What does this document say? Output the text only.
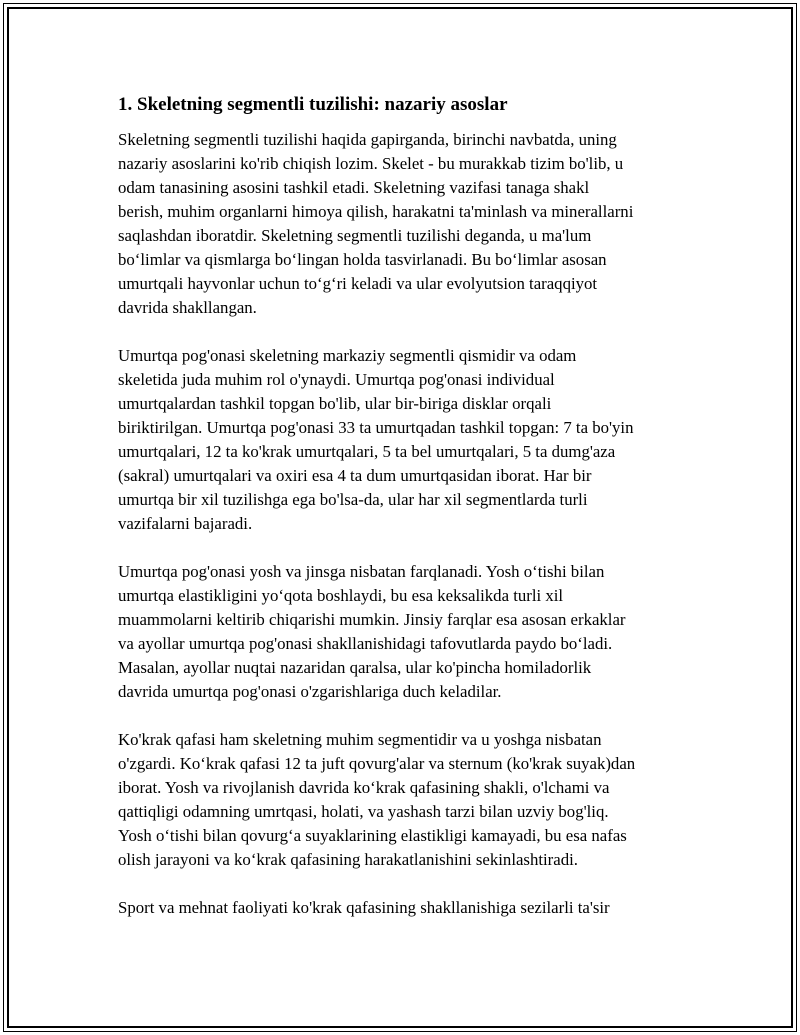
1. Skeletning segmentli tuzilishi: nazariy asoslar

Skeletning segmentli tuzilishi haqida gapirganda, birinchi navbatda, uning
nazariy asoslarini ko'rib chiqish lozim. Skelet - bu murakkab tizim bo'lib, u
odam tanasining asosini tashkil etadi. Skeletning vazifasi tanaga shakl
berish, muhim organlarni himoya qilish, harakatni ta'minlash va minerallarni
saqlashdan iboratdir. Skeletning segmentli tuzilishi deganda, u ma'lum
bo‘limlar va qismlarga bo‘lingan holda tasvirlanadi. Bu bo‘limlar asosan
umurtqali hayvonlar uchun to‘g‘ri keladi va ular evolyutsion taraqqiyot
davrida shakllangan.

Umurtqa pog'onasi skeletning markaziy segmentli qismidir va odam
skeletida juda muhim rol o'ynaydi. Umurtqa pog'onasi individual
umurtqalardan tashkil topgan bo'lib, ular bir-biriga disklar orqali
biriktirilgan. Umurtqa pog'onasi 33 ta umurtqadan tashkil topgan: 7 ta bo'yin
umurtqalari, 12 ta ko'krak umurtqalari, 5 ta bel umurtqalari, 5 ta dumg'aza
(sakral) umurtqalari va oxiri esa 4 ta dum umurtqasidan iborat. Har bir
umurtqa bir xil tuzilishga ega bo'lsa-da, ular har xil segmentlarda turli
vazifalarni bajaradi.

Umurtqa pog'onasi yosh va jinsga nisbatan farqlanadi. Yosh o‘tishi bilan
umurtqa elastikligini yo‘qota boshlaydi, bu esa keksalikda turli xil
muammolarni keltirib chiqarishi mumkin. Jinsiy farqlar esa asosan erkaklar
va ayollar umurtqa pog'onasi shakllanishidagi tafovutlarda paydo bo‘ladi.
Masalan, ayollar nuqtai nazaridan qaralsa, ular ko'pincha homiladorlik
davrida umurtqa pog'onasi o'zgarishlariga duch keladilar.

Ko'krak qafasi ham skeletning muhim segmentidir va u yoshga nisbatan
o'zgardi. Ko‘krak qafasi 12 ta juft qovurg'alar va sternum (ko'krak suyak)dan
iborat. Yosh va rivojlanish davrida ko‘krak qafasining shakli, o'lchami va
qattiqligi odamning umrtqasi, holati, va yashash tarzi bilan uzviy bog'liq.
Yosh o‘tishi bilan qovurg‘a suyaklarining elastikligi kamayadi, bu esa nafas
olish jarayoni va ko‘krak qafasining harakatlanishini sekinlashtiradi.

Sport va mehnat faoliyati ko'krak qafasining shakllanishiga sezilarli ta'sir
